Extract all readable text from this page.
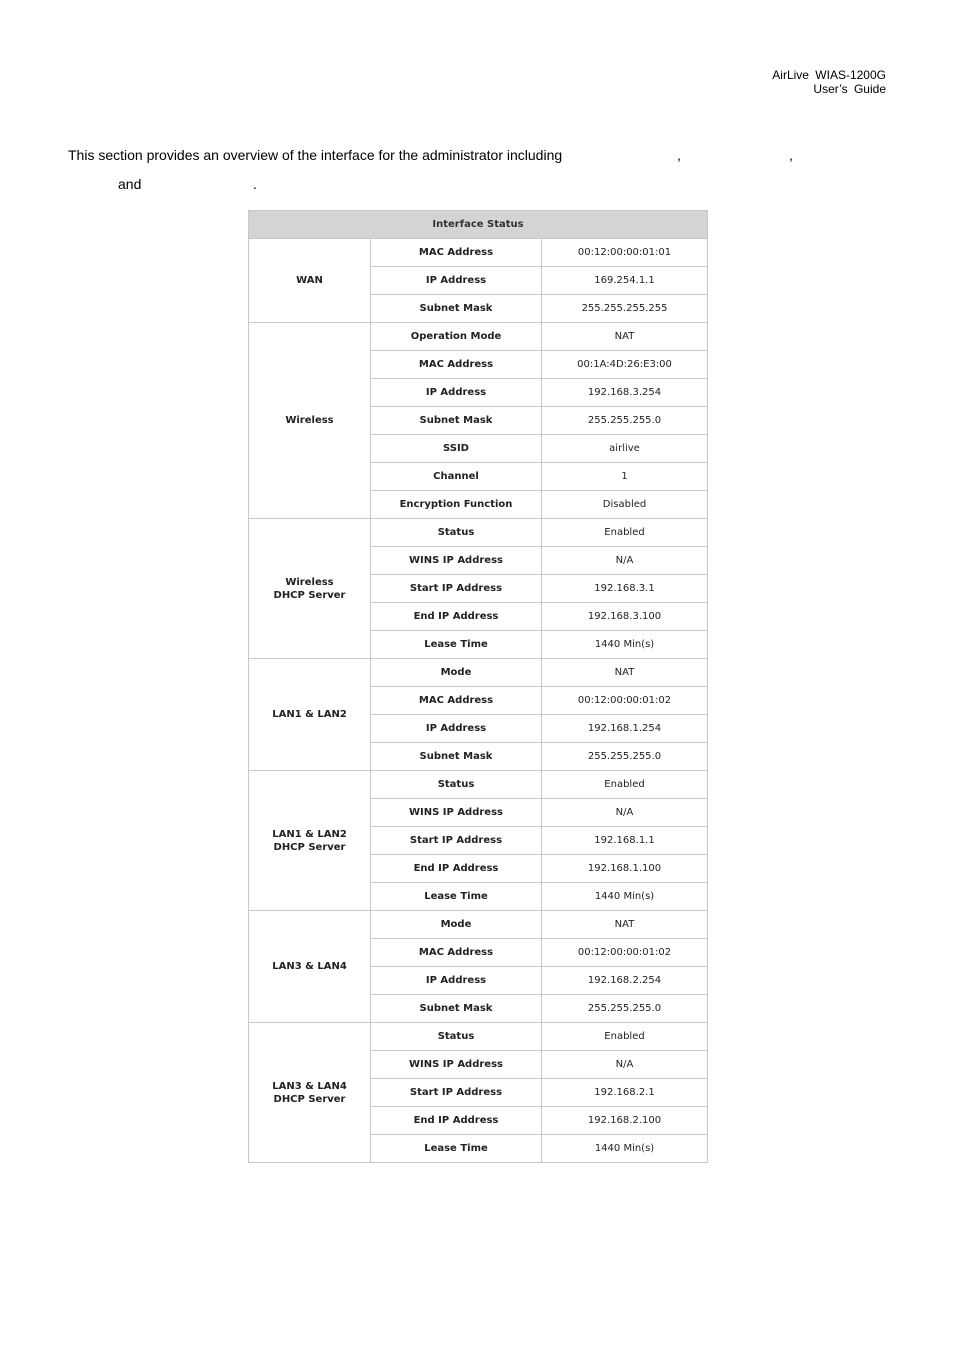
AirLive WIAS-1200G
User’s Guide
This section provides an overview of the interface for the administrator including	,	,
and	.
Interface Status		

WAN	MAC Address	00:12:00:00:01:01
	IP Address	169.254.1.1
	Subnet Mask	255.255.255.255

Wireless	Operation Mode	NAT
	MAC Address	00:1A:4D:26:E3:00
	IP Address	192.168.3.254
	Subnet Mask	255.255.255.0
	SSID	airlive
	Channel	1
	Encryption Function	Disabled

Wireless
DHCP Server	Status	Enabled
	WINS IP Address	N/A
	Start IP Address	192.168.3.1
	End IP Address	192.168.3.100
	Lease Time	1440 Min(s)

LAN1 & LAN2	Mode	NAT
	MAC Address	00:12:00:00:01:02
	IP Address	192.168.1.254
	Subnet Mask	255.255.255.0

LAN1 & LAN2
DHCP Server	Status	Enabled
	WINS IP Address	N/A
	Start IP Address	192.168.1.1
	End IP Address	192.168.1.100
	Lease Time	1440 Min(s)

LAN3 & LAN4	Mode	NAT
	MAC Address	00:12:00:00:01:02
	IP Address	192.168.2.254
	Subnet Mask	255.255.255.0

LAN3 & LAN4
DHCP Server	Status	Enabled
	WINS IP Address	N/A
	Start IP Address	192.168.2.1
	End IP Address	192.168.2.100
	Lease Time	1440 Min(s)
